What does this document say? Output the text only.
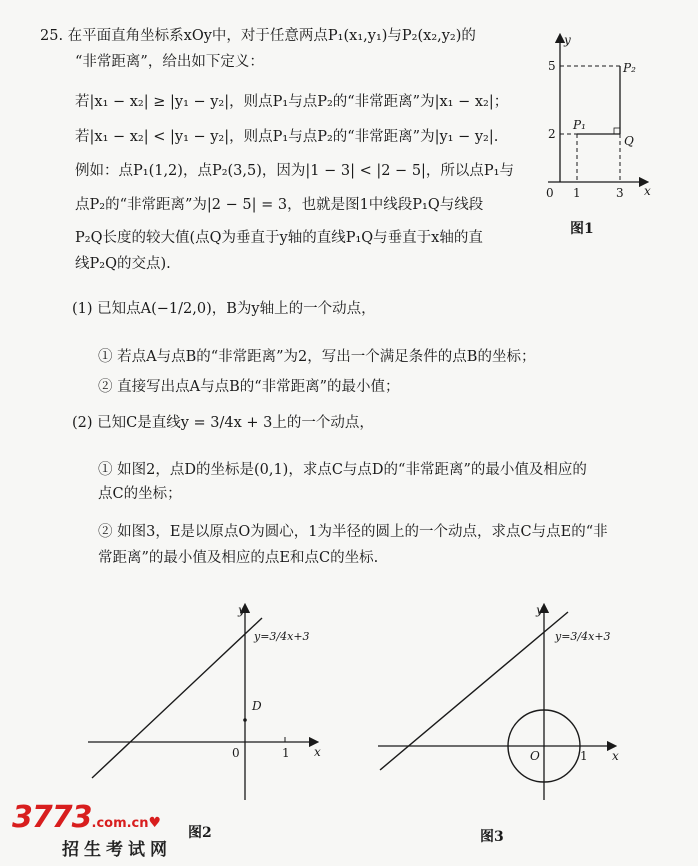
25. 在平面直角坐标系xOy中，对于任意两点P₁(x₁,y₁)与P₂(x₂,y₂)的
“非常距离”，给出如下定义：
若|x₁ − x₂| ≥ |y₁ − y₂|，则点P₁与点P₂的“非常距离”为|x₁ − x₂|；
若|x₁ − x₂| < |y₁ − y₂|，则点P₁与点P₂的“非常距离”为|y₁ − y₂|.
例如：点P₁(1,2)，点P₂(3,5)，因为|1 − 3| < |2 − 5|，所以点P₁与
点P₂的“非常距离”为|2 − 5| = 3，也就是图1中线段P₁Q与线段
P₂Q长度的较大值(点Q为垂直于y轴的直线P₁Q与垂直于x轴的直
线P₂Q的交点).
(1) 已知点A(−1/2,0)，B为y轴上的一个动点，
① 若点A与点B的“非常距离”为2，写出一个满足条件的点B的坐标；
② 直接写出点A与点B的“非常距离”的最小值；
(2) 已知C是直线y = 3/4x + 3上的一个动点，
① 如图2，点D的坐标是(0,1)，求点C与点D的“非常距离”的最小值及相应的
点C的坐标；
② 如图3，E是以原点O为圆心，1为半径的圆上的一个动点，求点C与点E的“非
常距离”的最小值及相应的点E和点C的坐标.
y
x
0
5
2
1	3
P₁
P₂
Q
图1
y
x
0	1
D
y=3/4x+3
图2
y
x
O	1
y=3/4x+3
图3
3773.com.cn♥
招生考试网
